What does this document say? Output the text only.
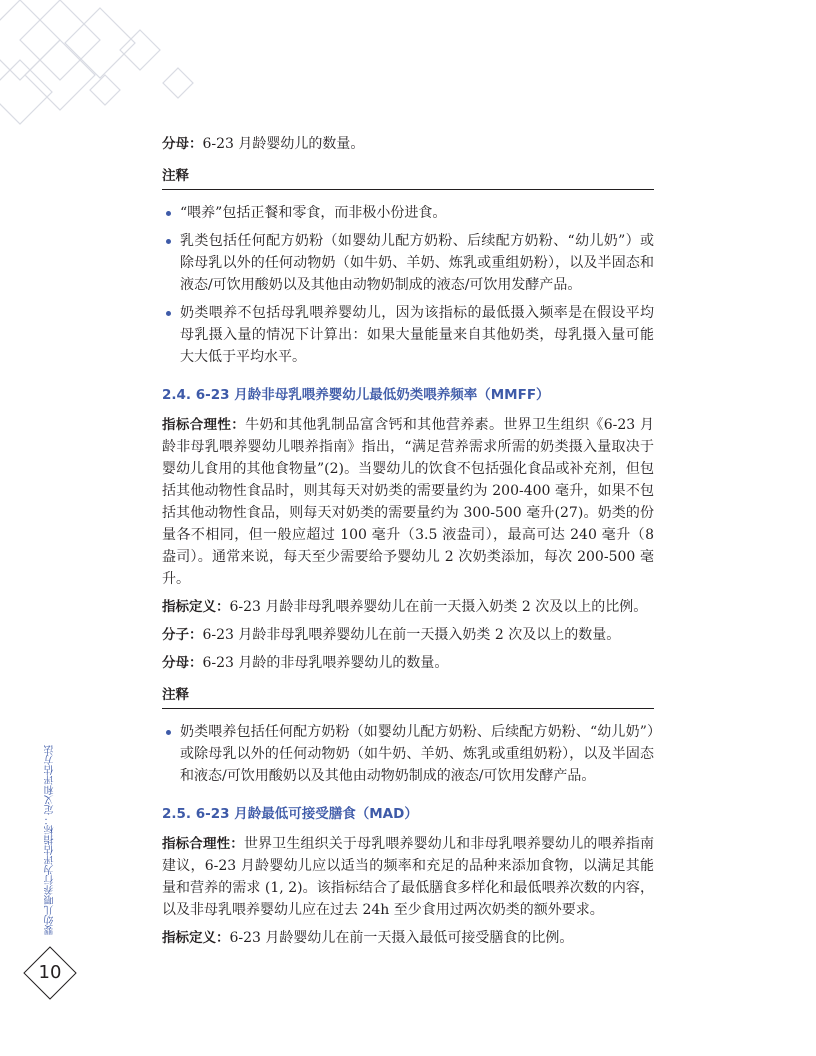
分母：6-23 月龄婴幼儿的数量。

注释
“喂养”包括正餐和零食，而非极小份进食。
乳类包括任何配方奶粉（如婴幼儿配方奶粉、后续配方奶粉、“幼儿奶”）或除母乳以外的任何动物奶（如牛奶、羊奶、炼乳或重组奶粉），以及半固态和液态/可饮用酸奶以及其他由动物奶制成的液态/可饮用发酵产品。
奶类喂养不包括母乳喂养婴幼儿，因为该指标的最低摄入频率是在假设平均母乳摄入量的情况下计算出：如果大量能量来自其他奶类，母乳摄入量可能大大低于平均水平。
2.4. 6-23 月龄非母乳喂养婴幼儿最低奶类喂养频率（MMFF）

指标合理性：牛奶和其他乳制品富含钙和其他营养素。世界卫生组织《6-23 月龄非母乳喂养婴幼儿喂养指南》指出，“满足营养需求所需的奶类摄入量取决于婴幼儿食用的其他食物量”(2)。当婴幼儿的饮食不包括强化食品或补充剂，但包括其他动物性食品时，则其每天对奶类的需要量约为 200-400 毫升，如果不包括其他动物性食品，则每天对奶类的需要量约为 300-500 毫升(27)。奶类的份量各不相同，但一般应超过 100 毫升（3.5 液盎司），最高可达 240 毫升（8 盎司）。通常来说，每天至少需要给予婴幼儿 2 次奶类添加，每次 200-500 毫升。

指标定义：6-23 月龄非母乳喂养婴幼儿在前一天摄入奶类 2 次及以上的比例。

分子：6-23 月龄非母乳喂养婴幼儿在前一天摄入奶类 2 次及以上的数量。

分母：6-23 月龄的非母乳喂养婴幼儿的数量。

注释
奶类喂养包括任何配方奶粉（如婴幼儿配方奶粉、后续配方奶粉、“幼儿奶”）或除母乳以外的任何动物奶（如牛奶、羊奶、炼乳或重组奶粉），以及半固态和液态/可饮用酸奶以及其他由动物奶制成的液态/可饮用发酵产品。
2.5. 6-23 月龄最低可接受膳食（MAD）

指标合理性：世界卫生组织关于母乳喂养婴幼儿和非母乳喂养婴幼儿的喂养指南建议，6-23 月龄婴幼儿应以适当的频率和充足的品种来添加食物，以满足其能量和营养的需求 (1, 2)。该指标结合了最低膳食多样化和最低喂养次数的内容，以及非母乳喂养婴幼儿应在过去 24h 至少食用过两次奶类的额外要求。

指标定义：6-23 月龄婴幼儿在前一天摄入最低可接受膳食的比例。

婴幼儿喂养行为评估指标：定义和评估方法
10
